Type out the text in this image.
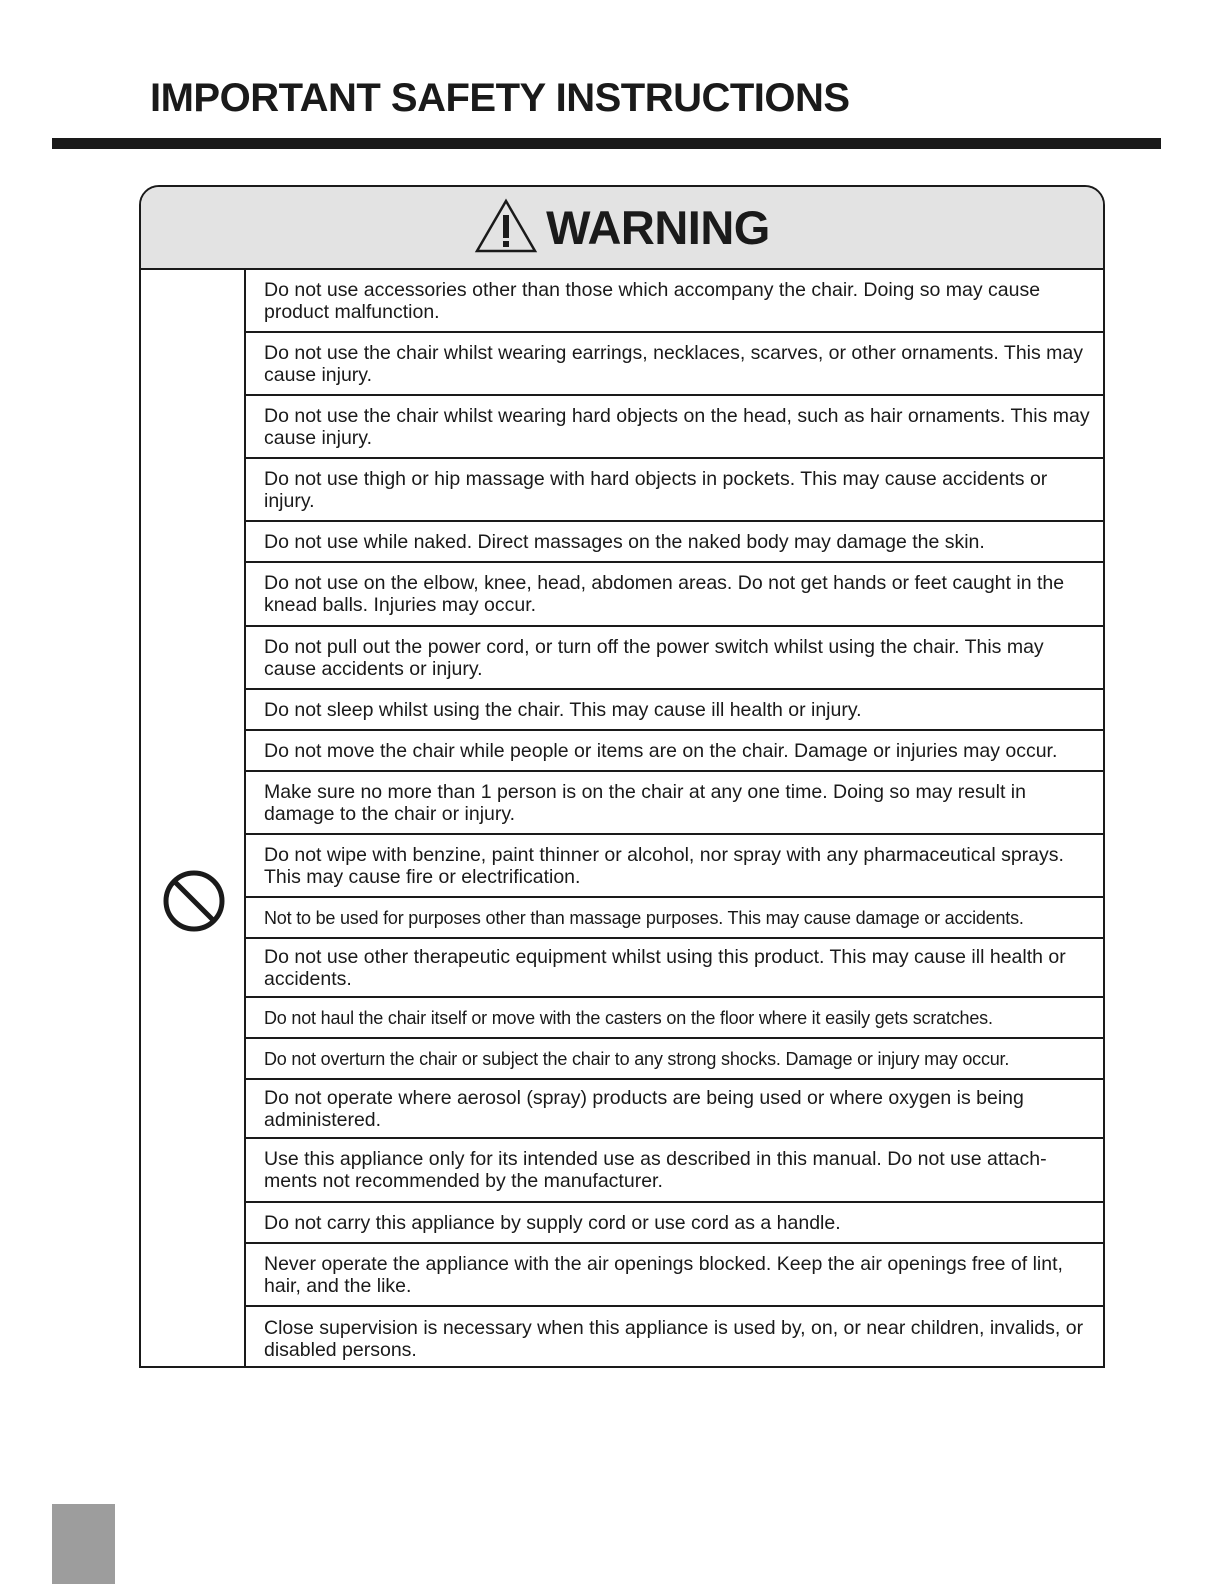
IMPORTANT SAFETY INSTRUCTIONS
WARNING
Do not use accessories other than those which accompany the chair. Doing so may cause product malfunction.
Do not use the chair whilst wearing earrings, necklaces, scarves, or other ornaments. This may cause injury.
Do not use the chair whilst wearing hard objects on the head, such as hair ornaments. This may cause injury.
Do not use thigh or hip massage with hard objects in pockets. This may cause accidents or injury.
Do not use while naked. Direct massages on the naked body may damage the skin.
Do not use on the elbow, knee, head, abdomen areas. Do not get hands or feet caught in the knead balls. Injuries may occur.
Do not pull out the power cord, or turn off the power switch whilst using the chair. This may cause accidents or injury.
Do not sleep whilst using the chair. This may cause ill health or injury.
Do not move the chair while people or items are on the chair. Damage or injuries may occur.
Make sure no more than 1 person is on the chair at any one time. Doing so may result in damage to the chair or injury.
Do not wipe with benzine, paint thinner or alcohol, nor spray with any pharmaceutical sprays. This may cause fire or electrification.
Not to be used for purposes other than massage purposes. This may cause damage or accidents.
Do not use other therapeutic equipment whilst using this product. This may cause ill health or accidents.
Do not haul the chair itself or move with the casters on the floor where it easily gets scratches.
Do not overturn the chair or subject the chair to any strong shocks. Damage or injury may occur.
Do not operate where aerosol (spray) products are being used or where oxygen is being administered.
Use this appliance only for its intended use as described in this manual. Do not use attach-ments not recommended by the manufacturer.
Do not carry this appliance by supply cord or use cord as a handle.
Never operate the appliance with the air openings blocked. Keep the air openings free of lint, hair, and the like.
Close supervision is necessary when this appliance is used by, on, or near children, invalids, or disabled persons.
